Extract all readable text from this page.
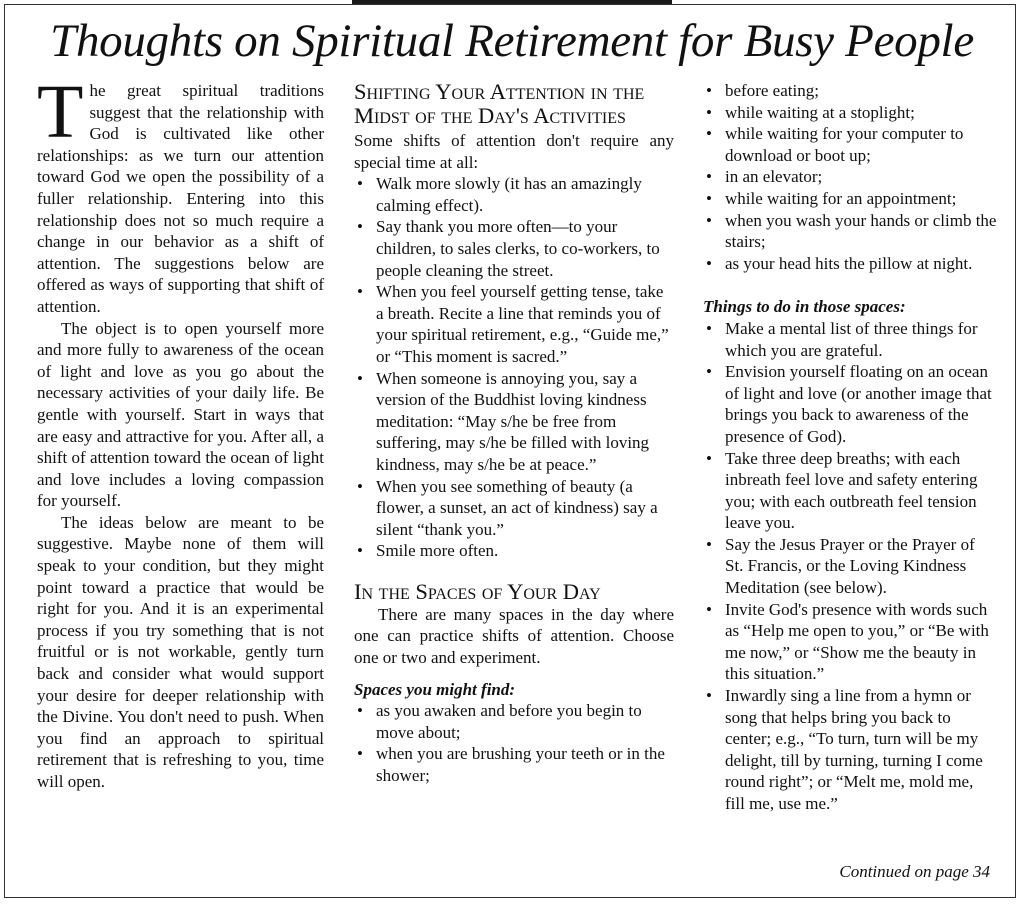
Thoughts on Spiritual Retirement for Busy People

The great spiritual traditions suggest that the relationship with God is cultivated like other relationships: as we turn our attention toward God we open the possibility of a fuller relationship. Entering into this relationship does not so much require a change in our behavior as a shift of attention. The suggestions below are offered as ways of supporting that shift of attention.

The object is to open yourself more and more fully to awareness of the ocean of light and love as you go about the necessary activities of your daily life. Be gentle with yourself. Start in ways that are easy and attractive for you. After all, a shift of attention toward the ocean of light and love includes a loving compassion for yourself.

The ideas below are meant to be suggestive. Maybe none of them will speak to your condition, but they might point toward a practice that would be right for you. And it is an experimental process if you try something that is not fruitful or is not workable, gently turn back and consider what would support your desire for deeper relationship with the Divine. You don't need to push. When you find an approach to spiritual retirement that is refreshing to you, time will open.

Shifting Your Attention in the Midst of the Day's Activities

Some shifts of attention don't require any special time at all:

• Walk more slowly (it has an amazingly calming effect).
• Say thank you more often—to your children, to sales clerks, to co-workers, to people cleaning the street.
• When you feel yourself getting tense, take a breath. Recite a line that reminds you of your spiritual retirement, e.g., “Guide me,” or “This moment is sacred.”
• When someone is annoying you, say a version of the Buddhist loving kindness meditation: “May s/he be free from suffering, may s/he be filled with loving kindness, may s/he be at peace.”
• When you see something of beauty (a flower, a sunset, an act of kindness) say a silent “thank you.”
• Smile more often.
In the Spaces of Your Day

There are many spaces in the day where one can practice shifts of attention. Choose one or two and experiment.

Spaces you might find:

• as you awaken and before you begin to move about;
• when you are brushing your teeth or in the shower;
• before eating;
• while waiting at a stoplight;
• while waiting for your computer to download or boot up;
• in an elevator;
• while waiting for an appointment;
• when you wash your hands or climb the stairs;
• as your head hits the pillow at night.

Things to do in those spaces:

• Make a mental list of three things for which you are grateful.
• Envision yourself floating on an ocean of light and love (or another image that brings you back to awareness of the presence of God).
• Take three deep breaths; with each inbreath feel love and safety entering you; with each outbreath feel tension leave you.
• Say the Jesus Prayer or the Prayer of St. Francis, or the Loving Kindness Meditation (see below).
• Invite God's presence with words such as “Help me open to you,” or “Be with me now,” or “Show me the beauty in this situation.”
• Inwardly sing a line from a hymn or song that helps bring you back to center; e.g., “To turn, turn will be my delight, till by turning, turning I come round right”; or “Melt me, mold me, fill me, use me.”
Continued on page 34
